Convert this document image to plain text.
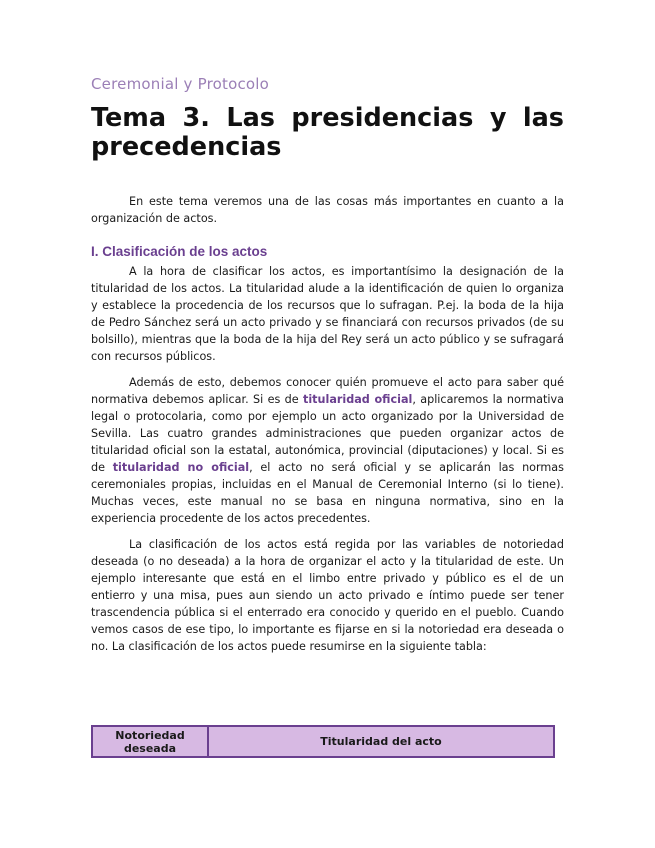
Ceremonial y Protocolo
Tema 3. Las presidencias y las precedencias

En este tema veremos una de las cosas más importantes en cuanto a la organización de actos.

I. Clasificación de los actos

A la hora de clasificar los actos, es importantísimo la designación de la titularidad de los actos. La titularidad alude a la identificación de quien lo organiza y establece la procedencia de los recursos que lo sufragan. P.ej. la boda de la hija de Pedro Sánchez será un acto privado y se financiará con recursos privados (de su bolsillo), mientras que la boda de la hija del Rey será un acto público y se sufragará con recursos públicos.

Además de esto, debemos conocer quién promueve el acto para saber qué normativa debemos aplicar. Si es de titularidad oficial, aplicaremos la normativa legal o protocolaria, como por ejemplo un acto organizado por la Universidad de Sevilla. Las cuatro grandes administraciones que pueden organizar actos de titularidad oficial son la estatal, autonómica, provincial (diputaciones) y local. Si es de titularidad no oficial, el acto no será oficial y se aplicarán las normas ceremoniales propias, incluidas en el Manual de Ceremonial Interno (si lo tiene). Muchas veces, este manual no se basa en ninguna normativa, sino en la experiencia procedente de los actos precedentes.

La clasificación de los actos está regida por las variables de notoriedad deseada (o no deseada) a la hora de organizar el acto y la titularidad de este. Un ejemplo interesante que está en el limbo entre privado y público es el de un entierro y una misa, pues aun siendo un acto privado e íntimo puede ser tener trascendencia pública si el enterrado era conocido y querido en el pueblo. Cuando vemos casos de ese tipo, lo importante es fijarse en si la notoriedad era deseada o no. La clasificación de los actos puede resumirse en la siguiente tabla:

Notoriedad deseada	Titularidad del acto
